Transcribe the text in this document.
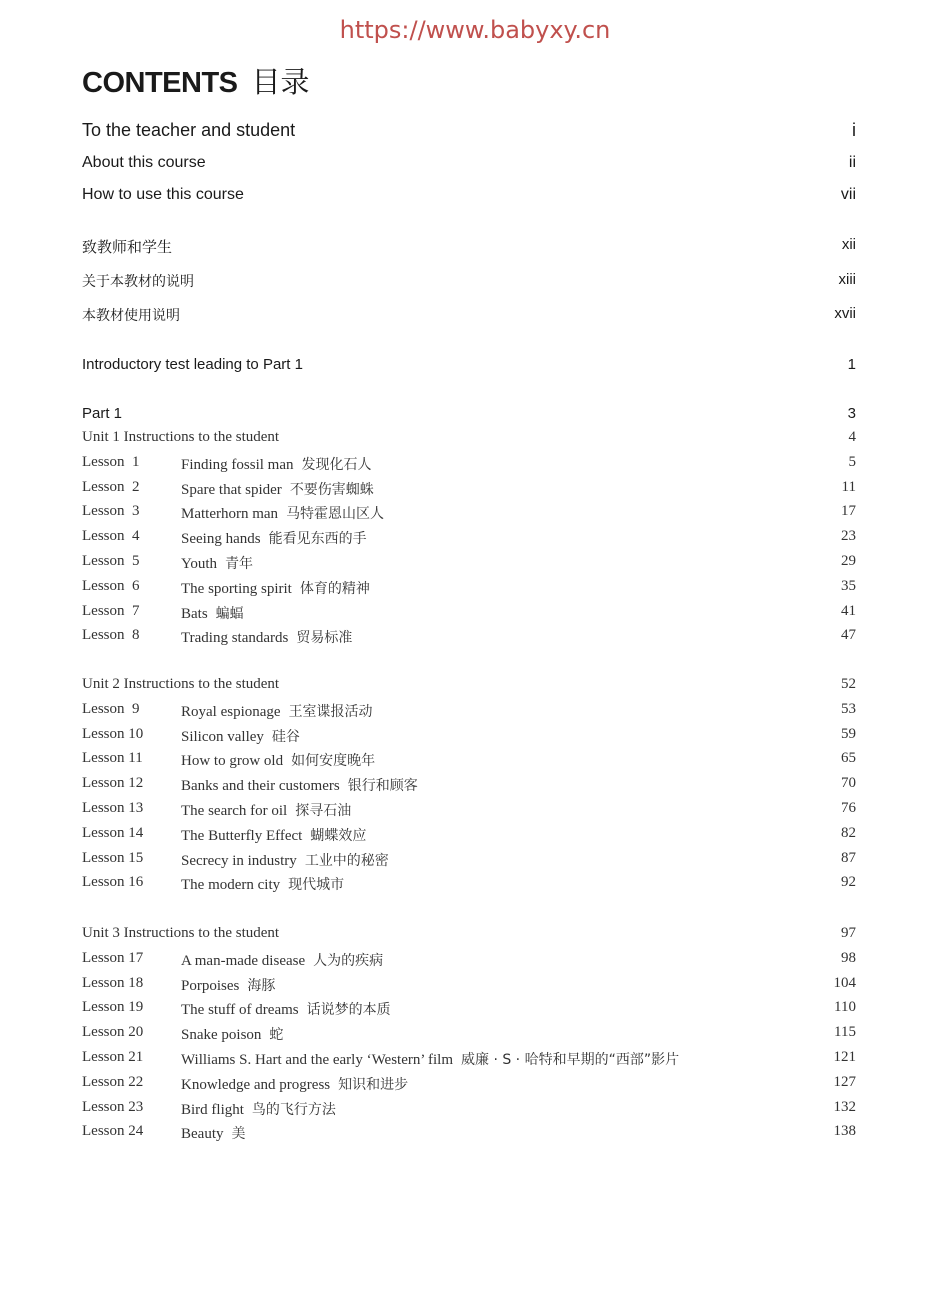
https://www.babyxy.cn
CONTENTS 目录
To the teacher and student	i
About this course	ii
How to use this course	vii
致教师和学生	xii
关于本教材的说明	xiii
本教材使用说明	xvii
Introductory test leading to Part 1	1
Part 1	3
Unit 1 Instructions to the student	4
Lesson  1	Finding fossil man 发现化石人	5
Lesson  2	Spare that spider 不要伤害蜘蛛	11
Lesson  3	Matterhorn man 马特霍恩山区人	17
Lesson  4	Seeing hands 能看见东西的手	23
Lesson  5	Youth 青年	29
Lesson  6	The sporting spirit 体育的精神	35
Lesson  7	Bats 蝙蝠	41
Lesson  8	Trading standards 贸易标准	47
Unit 2 Instructions to the student	52
Lesson  9	Royal espionage 王室谍报活动	53
Lesson 10	Silicon valley 硅谷	59
Lesson 11	How to grow old 如何安度晚年	65
Lesson 12	Banks and their customers 银行和顾客	70
Lesson 13	The search for oil 探寻石油	76
Lesson 14	The Butterfly Effect 蝴蝶效应	82
Lesson 15	Secrecy in industry 工业中的秘密	87
Lesson 16	The modern city 现代城市	92
Unit 3 Instructions to the student	97
Lesson 17	A man-made disease 人为的疾病	98
Lesson 18	Porpoises 海豚	104
Lesson 19	The stuff of dreams 话说梦的本质	110
Lesson 20	Snake poison 蛇	115
Lesson 21	Williams S. Hart and the early ‘Western’ film 威廉 · S · 哈特和早期的“西部”影片	121
Lesson 22	Knowledge and progress 知识和进步	127
Lesson 23	Bird flight 鸟的飞行方法	132
Lesson 24	Beauty 美	138
